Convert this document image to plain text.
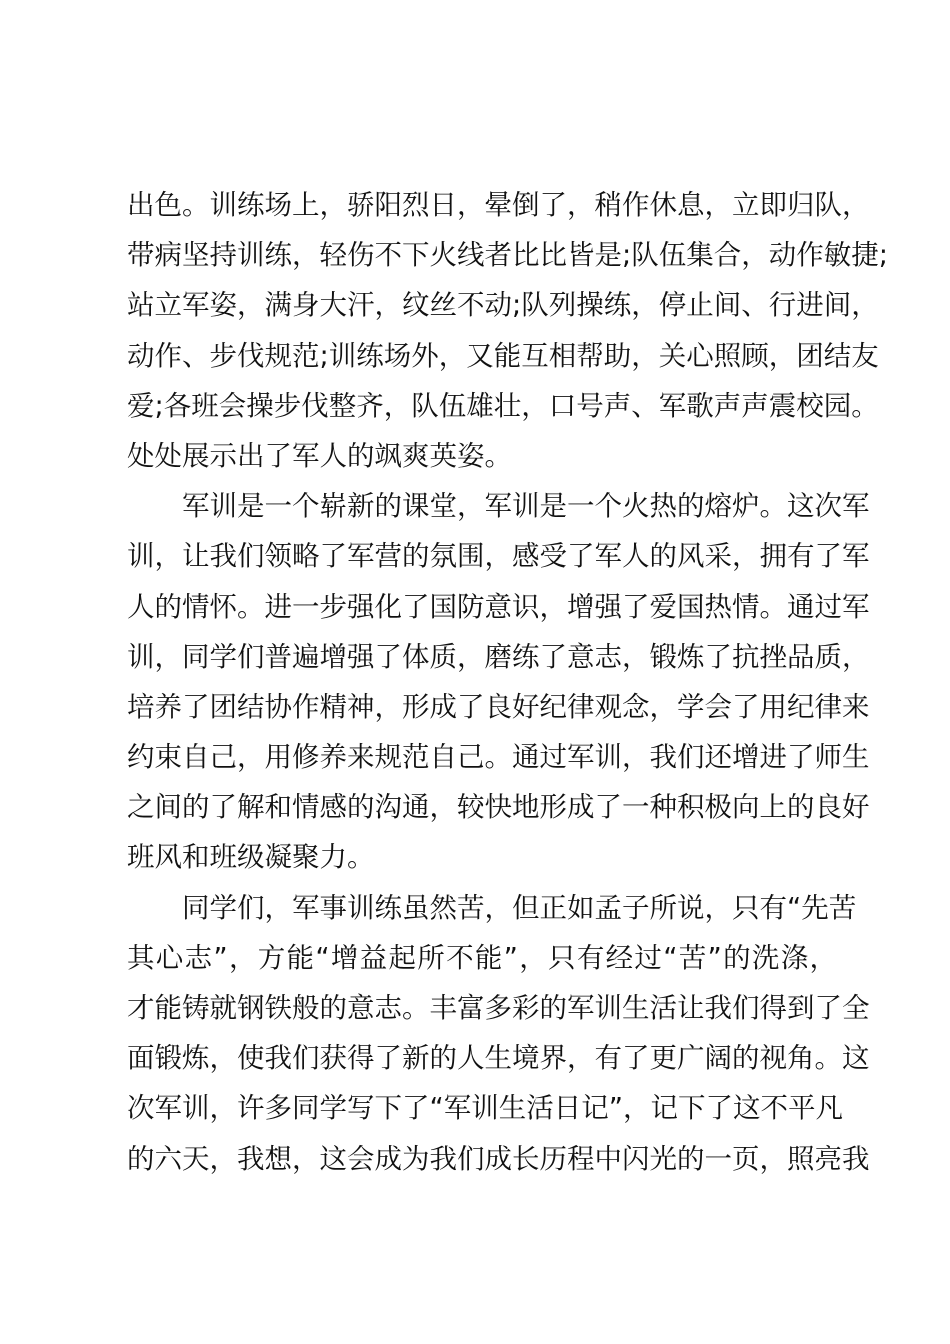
出色。训练场上，骄阳烈日，晕倒了，稍作休息，立即归队，
带病坚持训练，轻伤不下火线者比比皆是;队伍集合，动作敏捷;
站立军姿，满身大汗，纹丝不动;队列操练，停止间、行进间，
动作、步伐规范;训练场外，又能互相帮助，关心照顾，团结友
爱;各班会操步伐整齐，队伍雄壮，口号声、军歌声声震校园。
处处展示出了军人的飒爽英姿。
　　军训是一个崭新的课堂，军训是一个火热的熔炉。这次军
训，让我们领略了军营的氛围，感受了军人的风采，拥有了军
人的情怀。进一步强化了国防意识，增强了爱国热情。通过军
训，同学们普遍增强了体质，磨练了意志，锻炼了抗挫品质，
培养了团结协作精神，形成了良好纪律观念，学会了用纪律来
约束自己，用修养来规范自己。通过军训，我们还增进了师生
之间的了解和情感的沟通，较快地形成了一种积极向上的良好
班风和班级凝聚力。
　　同学们，军事训练虽然苦，但正如孟子所说，只有“先苦
其心志”，方能“增益起所不能”，只有经过“苦”的洗涤，
才能铸就钢铁般的意志。丰富多彩的军训生活让我们得到了全
面锻炼，使我们获得了新的人生境界，有了更广阔的视角。这
次军训，许多同学写下了“军训生活日记”，记下了这不平凡
的六天，我想，这会成为我们成长历程中闪光的一页，照亮我
